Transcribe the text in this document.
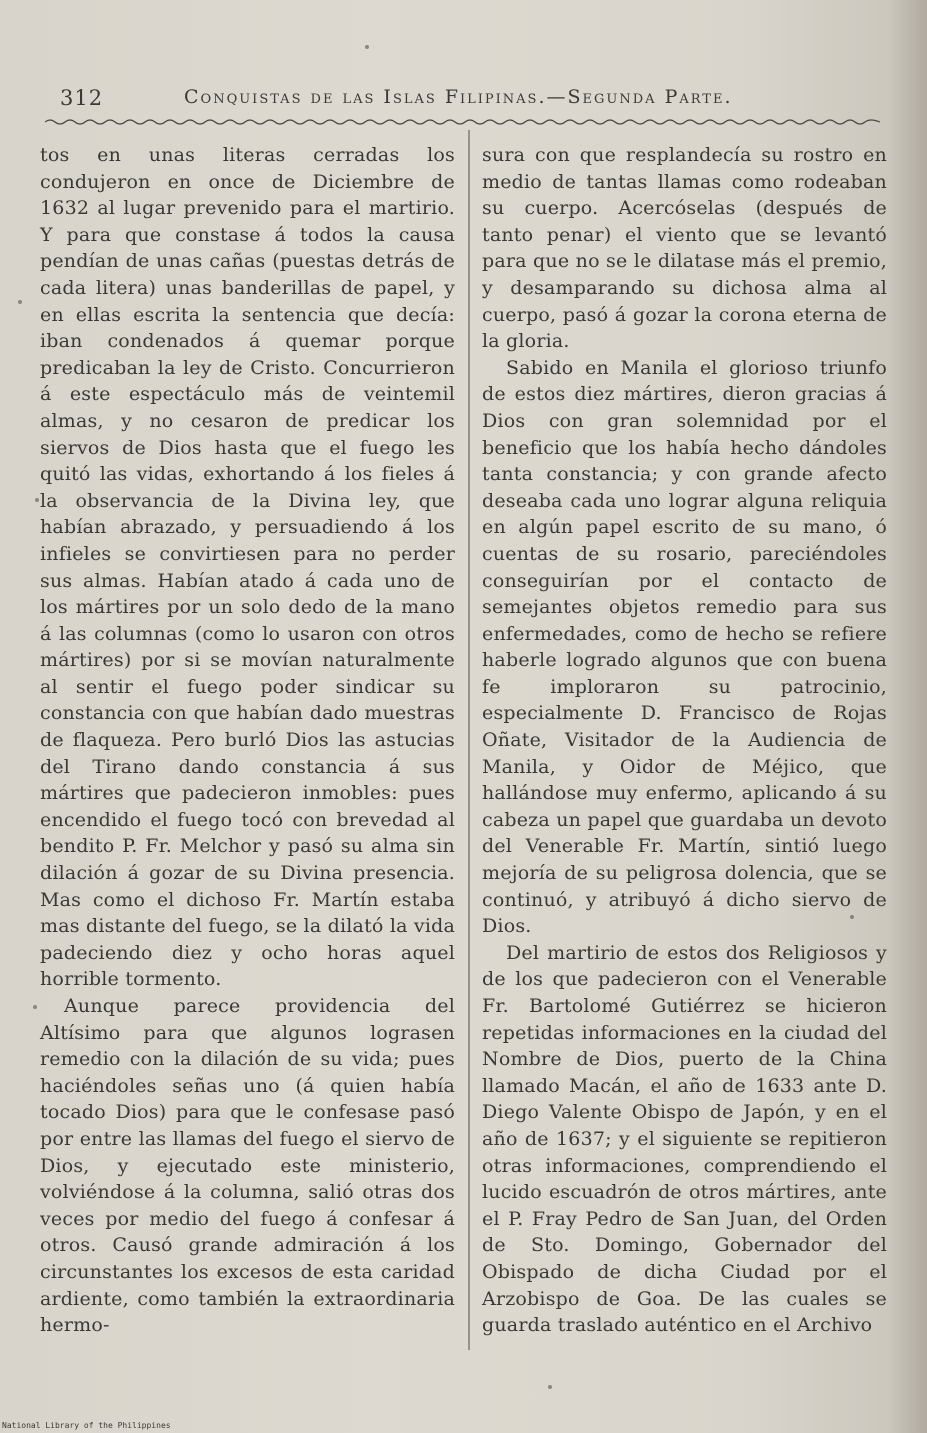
312	Conquistas de las Islas Filipinas.—Segunda Parte.

tos en unas literas cerradas los condujeron en once de Diciembre de 1632 al lugar prevenido para el martirio. Y para que constase á todos la causa pendían de unas cañas (puestas detrás de cada litera) unas banderillas de papel, y en ellas escrita la sentencia que decía: iban condenados á quemar porque predicaban la ley de Cristo. Concurrieron á este espectáculo más de veintemil almas, y no cesaron de predicar los siervos de Dios hasta que el fuego les quitó las vidas, exhortando á los fieles á la observancia de la Divina ley, que habían abrazado, y persuadiendo á los infieles se convirtiesen para no perder sus almas. Habían atado á cada uno de los mártires por un solo dedo de la mano á las columnas (como lo usaron con otros mártires) por si se movían naturalmente al sentir el fuego poder sindicar su constancia con que habían dado muestras de flaqueza. Pero burló Dios las astucias del Tirano dando constancia á sus mártires que padecieron inmobles: pues encendido el fuego tocó con brevedad al bendito P. Fr. Melchor y pasó su alma sin dilación á gozar de su Divina presencia. Mas como el dichoso Fr. Martín estaba mas distante del fuego, se la dilató la vida padeciendo diez y ocho horas aquel horrible tormento.

Aunque parece providencia del Altísimo para que algunos lograsen remedio con la dilación de su vida; pues haciéndoles señas uno (á quien había tocado Dios) para que le confesase pasó por entre las llamas del fuego el siervo de Dios, y ejecutado este ministerio, volviéndose á la columna, salió otras dos veces por medio del fuego á confesar á otros. Causó grande admiración á los circunstantes los excesos de esta caridad ardiente, como también la extraordinaria hermo-

sura con que resplandecía su rostro en medio de tantas llamas como rodeaban su cuerpo. Acercóselas (después de tanto penar) el viento que se levantó para que no se le dilatase más el premio, y desamparando su dichosa alma al cuerpo, pasó á gozar la corona eterna de la gloria.

Sabido en Manila el glorioso triunfo de estos diez mártires, dieron gracias á Dios con gran solemnidad por el beneficio que los había hecho dándoles tanta constancia; y con grande afecto deseaba cada uno lograr alguna reliquia en algún papel escrito de su mano, ó cuentas de su rosario, pareciéndoles conseguirían por el contacto de semejantes objetos remedio para sus enfermedades, como de hecho se refiere haberle logrado algunos que con buena fe imploraron su patrocinio, especialmente D. Francisco de Rojas Oñate, Visitador de la Audiencia de Manila, y Oidor de Méjico, que hallándose muy enfermo, aplicando á su cabeza un papel que guardaba un devoto del Venerable Fr. Martín, sintió luego mejoría de su peligrosa dolencia, que se continuó, y atribuyó á dicho siervo de Dios.

Del martirio de estos dos Religiosos y de los que padecieron con el Venerable Fr. Bartolomé Gutiérrez se hicieron repetidas informaciones en la ciudad del Nombre de Dios, puerto de la China llamado Macán, el año de 1633 ante D. Diego Valente Obispo de Japón, y en el año de 1637; y el siguiente se repitieron otras informaciones, comprendiendo el lucido escuadrón de otros mártires, ante el P. Fray Pedro de San Juan, del Orden de Sto. Domingo, Gobernador del Obispado de dicha Ciudad por el Arzobispo de Goa. De las cuales se guarda traslado auténtico en el Archivo

National Library of the Philippines
